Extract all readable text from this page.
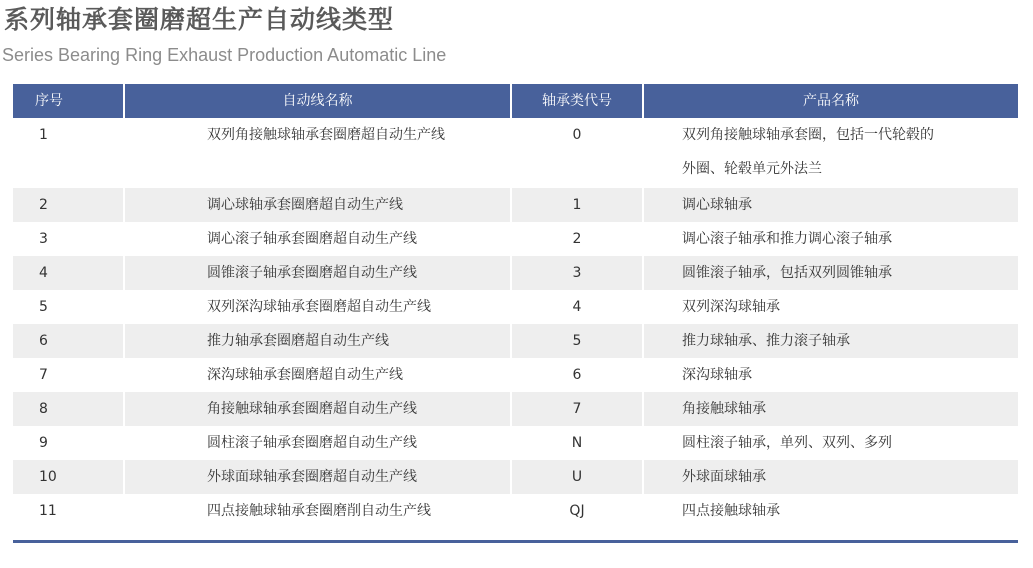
系列轴承套圈磨超生产自动线类型
Series Bearing Ring Exhaust Production Automatic Line
序号	自动线名称	轴承类代号	产品名称
1	双列角接触球轴承套圈磨超自动生产线	0	双列角接触球轴承套圈，包括一代轮毂的
外圈、轮毂单元外法兰
2	调心球轴承套圈磨超自动生产线	1	调心球轴承
3	调心滚子轴承套圈磨超自动生产线	2	调心滚子轴承和推力调心滚子轴承
4	圆锥滚子轴承套圈磨超自动生产线	3	圆锥滚子轴承，包括双列圆锥轴承
5	双列深沟球轴承套圈磨超自动生产线	4	双列深沟球轴承
6	推力轴承套圈磨超自动生产线	5	推力球轴承、推力滚子轴承
7	深沟球轴承套圈磨超自动生产线	6	深沟球轴承
8	角接触球轴承套圈磨超自动生产线	7	角接触球轴承
9	圆柱滚子轴承套圈磨超自动生产线	N	圆柱滚子轴承，单列、双列、多列
10	外球面球轴承套圈磨超自动生产线	U	外球面球轴承
11	四点接触球轴承套圈磨削自动生产线	QJ	四点接触球轴承
